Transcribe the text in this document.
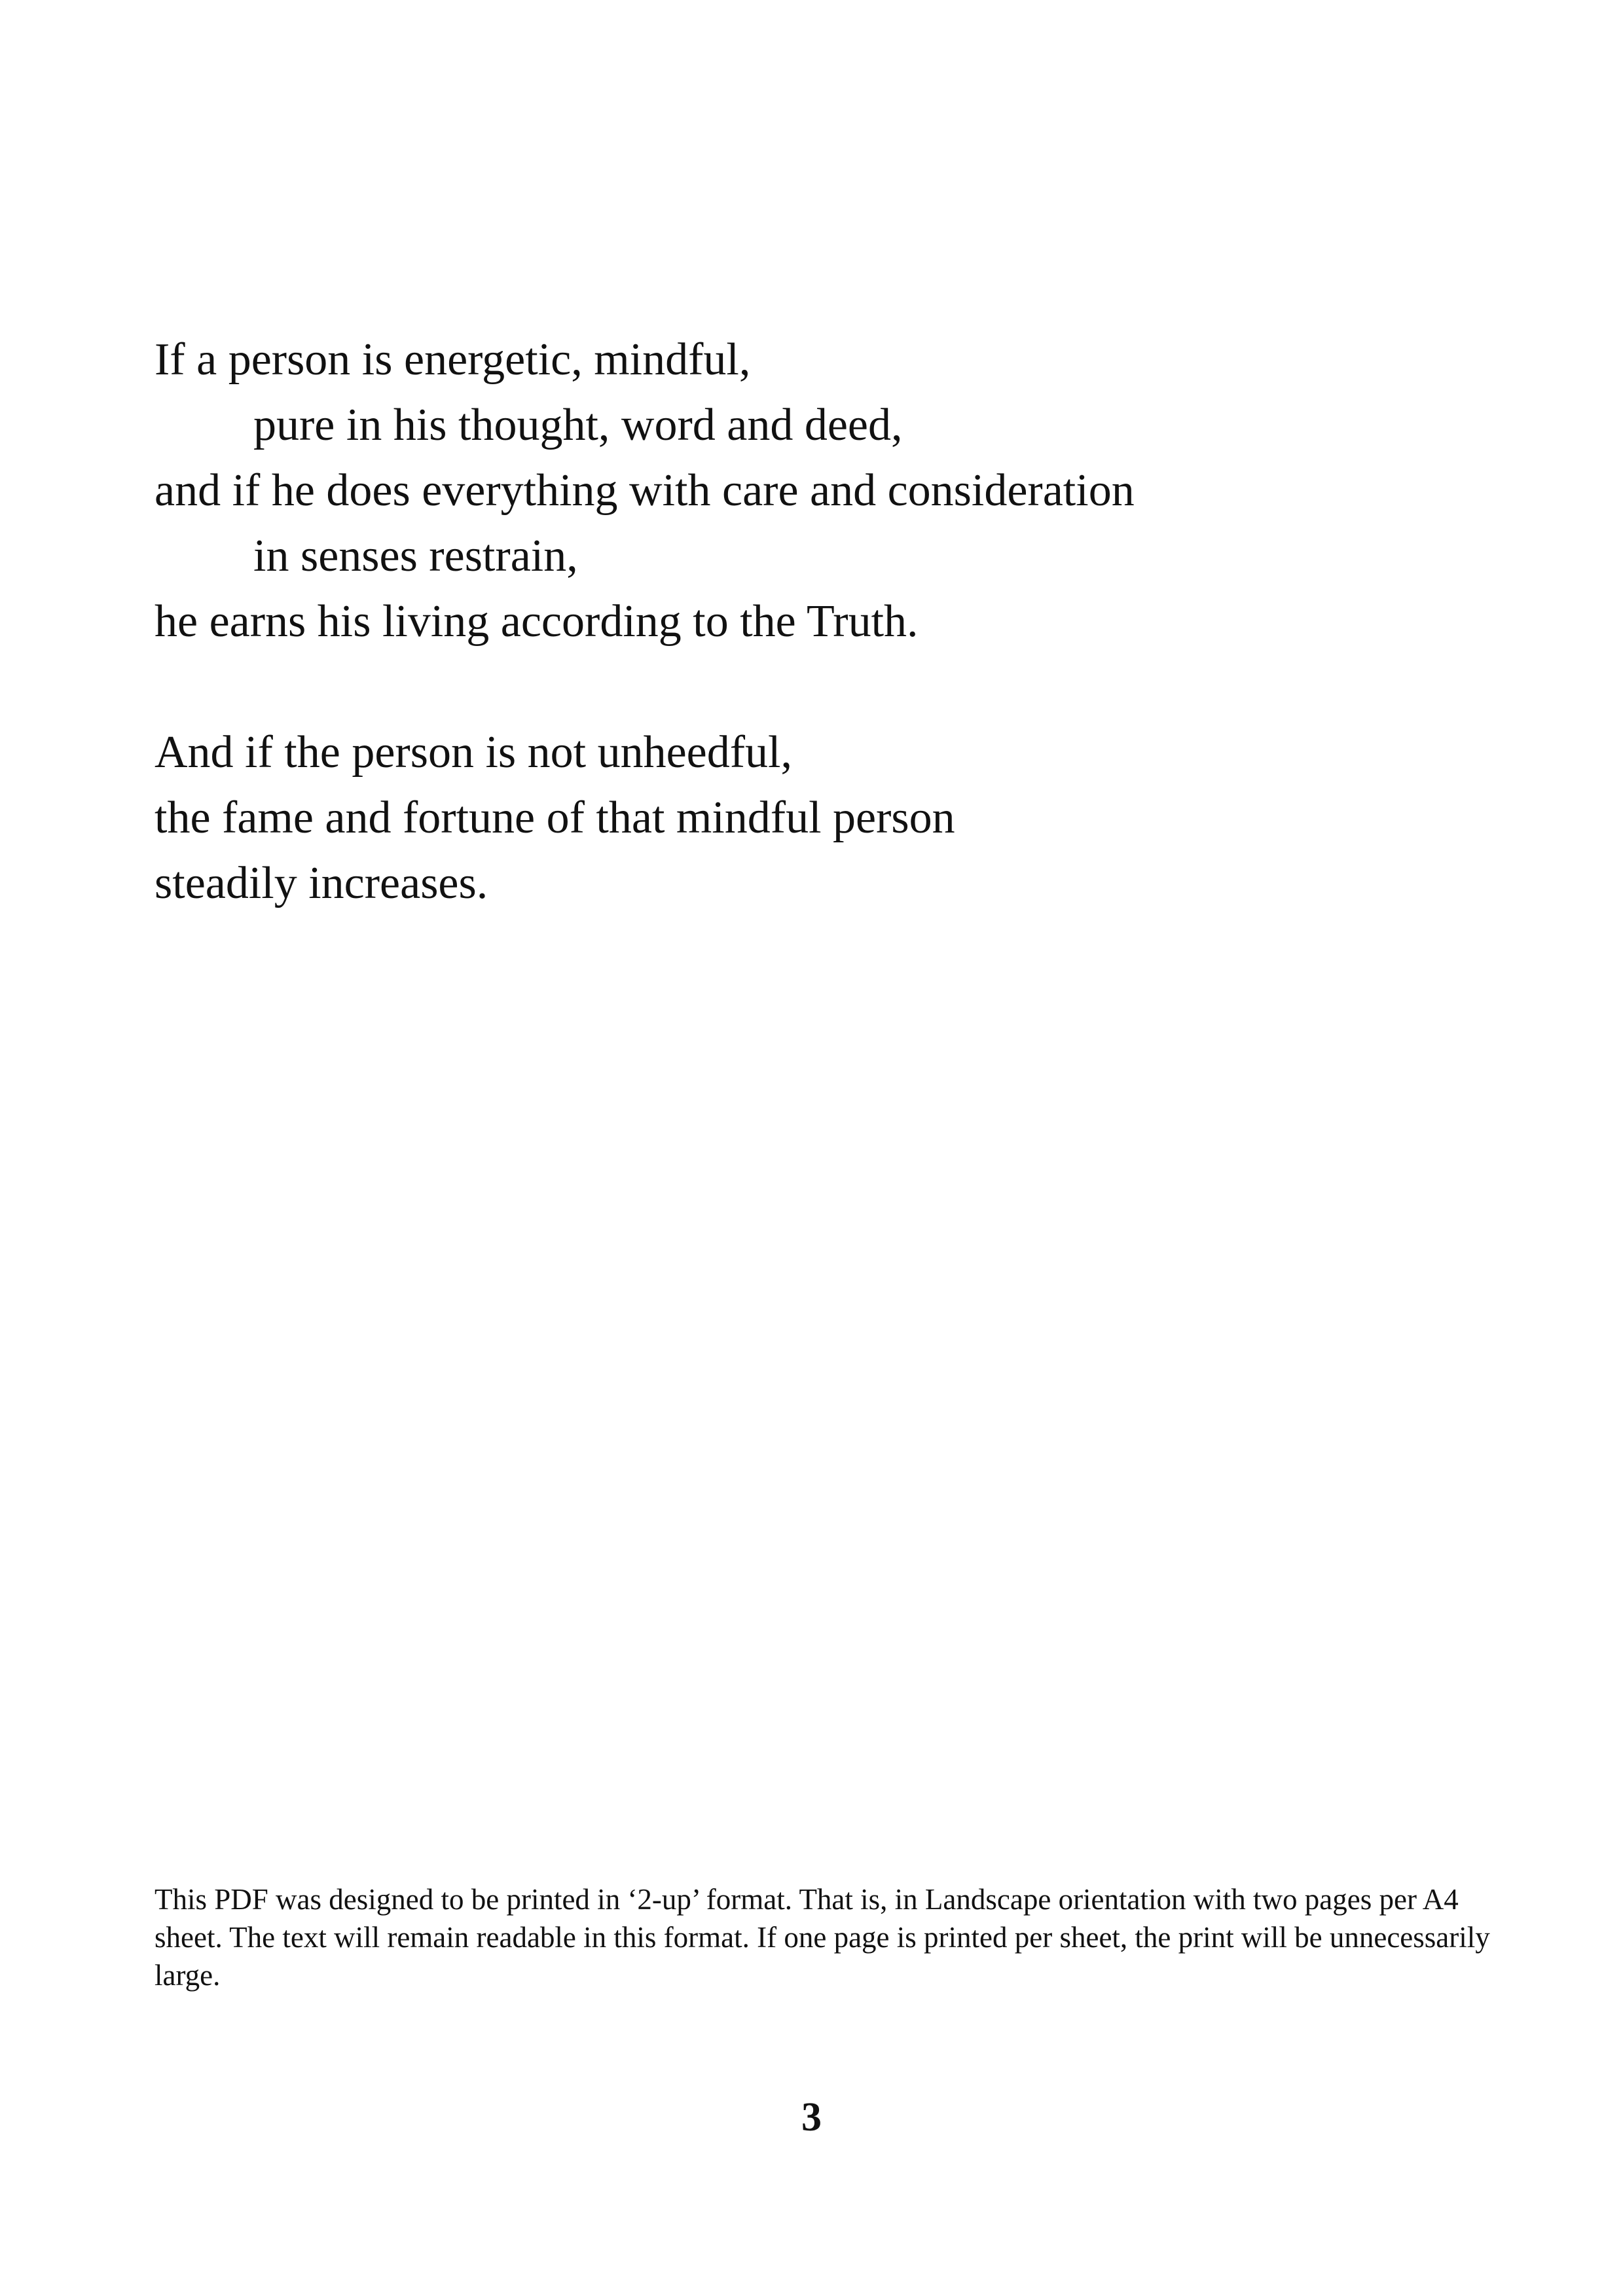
If a person is energetic, mindful,
pure in his thought, word and deed,
and if he does everything with care and consideration
in senses restrain,
he earns his living according to the Truth.
And if the person is not unheedful,
the fame and fortune of that mindful person
steadily increases.

This PDF was designed to be printed in ‘2-up’ format. That is, in Landscape orientation with two pages per A4 sheet. The text will remain readable in this format. If one page is printed per sheet, the print will be unnecessarily large.

3
